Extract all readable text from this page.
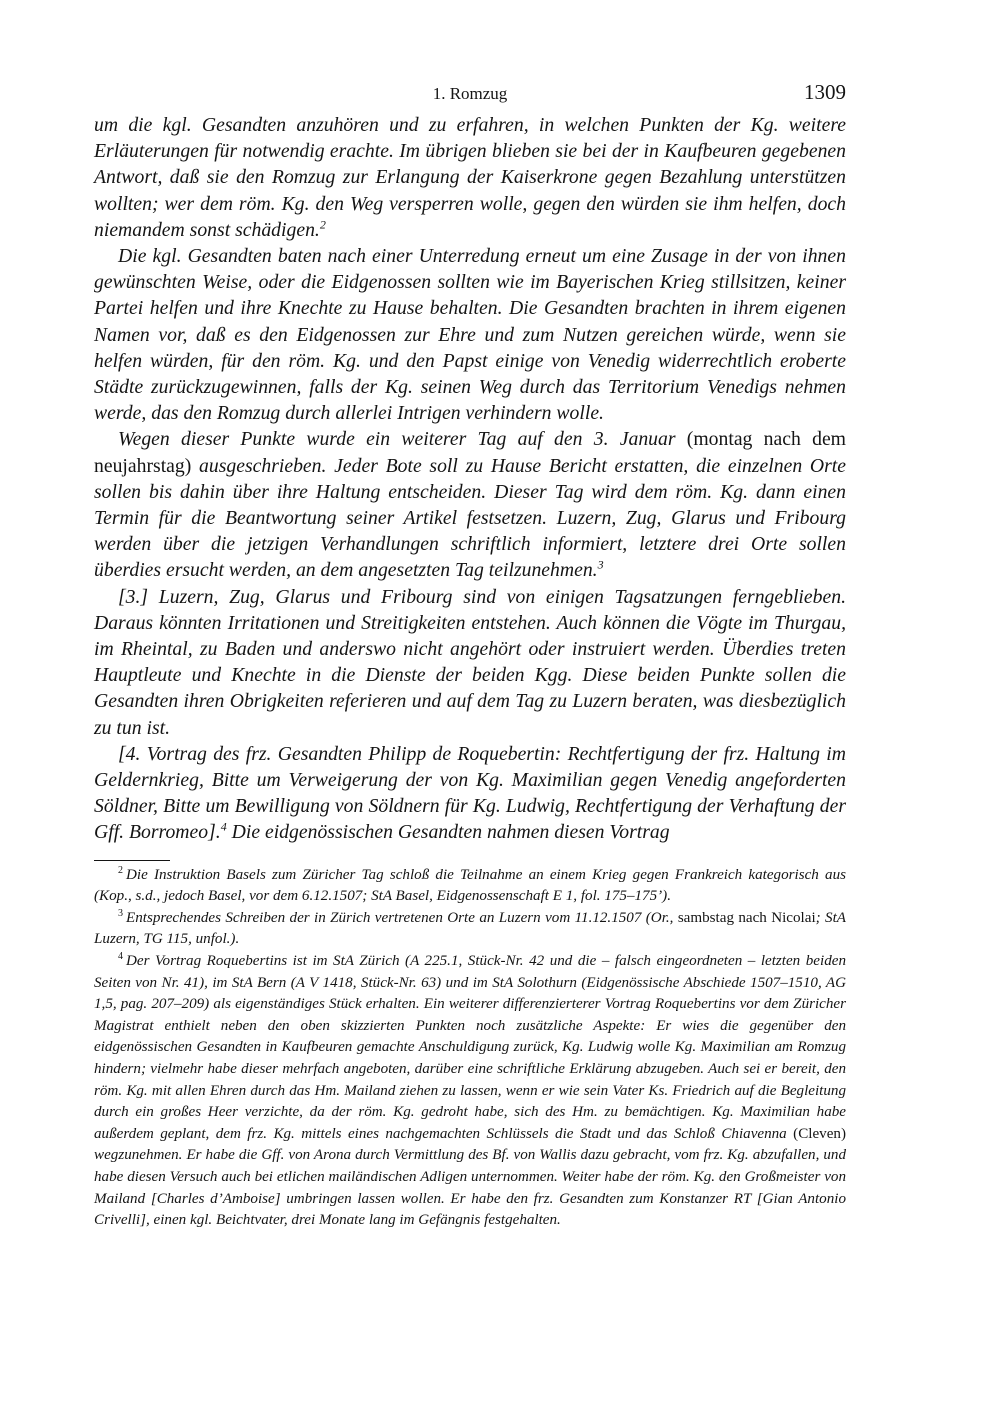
1. Romzug	1309

um die kgl. Gesandten anzuhören und zu erfahren, in welchen Punkten der Kg. weitere Erläuterungen für notwendig erachte. Im übrigen blieben sie bei der in Kaufbeuren gegebenen Antwort, daß sie den Romzug zur Erlangung der Kaiserkrone gegen Bezahlung unterstützen wollten; wer dem röm. Kg. den Weg versperren wolle, gegen den würden sie ihm helfen, doch niemandem sonst schädigen.$^2$

Die kgl. Gesandten baten nach einer Unterredung erneut um eine Zusage in der von ihnen gewünschten Weise, oder die Eidgenossen sollten wie im Bayerischen Krieg stillsitzen, keiner Partei helfen und ihre Knechte zu Hause behalten. Die Gesandten brachten in ihrem eigenen Namen vor, daß es den Eidgenossen zur Ehre und zum Nutzen gereichen würde, wenn sie helfen würden, für den röm. Kg. und den Papst einige von Venedig widerrechtlich eroberte Städte zurückzugewinnen, falls der Kg. seinen Weg durch das Territorium Venedigs nehmen werde, das den Romzug durch allerlei Intrigen verhindern wolle.

Wegen dieser Punkte wurde ein weiterer Tag auf den 3. Januar (montag nach dem neujahrstag) ausgeschrieben. Jeder Bote soll zu Hause Bericht erstatten, die einzelnen Orte sollen bis dahin über ihre Haltung entscheiden. Dieser Tag wird dem röm. Kg. dann einen Termin für die Beantwortung seiner Artikel festsetzen. Luzern, Zug, Glarus und Fribourg werden über die jetzigen Verhandlungen schriftlich informiert, letztere drei Orte sollen überdies ersucht werden, an dem angesetzten Tag teilzunehmen.$^3$

[3.] Luzern, Zug, Glarus und Fribourg sind von einigen Tagsatzungen ferngeblieben. Daraus könnten Irritationen und Streitigkeiten entstehen. Auch können die Vögte im Thurgau, im Rheintal, zu Baden und anderswo nicht angehört oder instruiert werden. Überdies treten Hauptleute und Knechte in die Dienste der beiden Kgg. Diese beiden Punkte sollen die Gesandten ihren Obrigkeiten referieren und auf dem Tag zu Luzern beraten, was diesbezüglich zu tun ist.

[4. Vortrag des frz. Gesandten Philipp de Roquebertin: Rechtfertigung der frz. Haltung im Geldernkrieg, Bitte um Verweigerung der von Kg. Maximilian gegen Venedig angeforderten Söldner, Bitte um Bewilligung von Söldnern für Kg. Ludwig, Rechtfertigung der Verhaftung der Gff. Borromeo].$^4$ Die eidgenössischen Gesandten nahmen diesen Vortrag

$^2$ Die Instruktion Basels zum Züricher Tag schloß die Teilnahme an einem Krieg gegen Frankreich kategorisch aus (Kop., s.d., jedoch Basel, vor dem 6.12.1507; StA Basel, Eidgenossenschaft E 1, fol. 175–175’).

$^3$ Entsprechendes Schreiben der in Zürich vertretenen Orte an Luzern vom 11.12.1507 (Or., sambstag nach Nicolai; StA Luzern, TG 115, unfol.).

$^4$ Der Vortrag Roquebertins ist im StA Zürich (A 225.1, Stück-Nr. 42 und die – falsch eingeordneten – letzten beiden Seiten von Nr. 41), im StA Bern (A V 1418, Stück-Nr. 63) und im StA Solothurn (Eidgenössische Abschiede 1507–1510, AG 1,5, pag. 207–209) als eigenständiges Stück erhalten. Ein weiterer differenzierterer Vortrag Roquebertins vor dem Züricher Magistrat enthielt neben den oben skizzierten Punkten noch zusätzliche Aspekte: Er wies die gegenüber den eidgenössischen Gesandten in Kaufbeuren gemachte Anschuldigung zurück, Kg. Ludwig wolle Kg. Maximilian am Romzug hindern; vielmehr habe dieser mehrfach angeboten, darüber eine schriftliche Erklärung abzugeben. Auch sei er bereit, den röm. Kg. mit allen Ehren durch das Hm. Mailand ziehen zu lassen, wenn er wie sein Vater Ks. Friedrich auf die Begleitung durch ein großes Heer verzichte, da der röm. Kg. gedroht habe, sich des Hm. zu bemächtigen. Kg. Maximilian habe außerdem geplant, dem frz. Kg. mittels eines nachgemachten Schlüssels die Stadt und das Schloß Chiavenna (Cleven) wegzunehmen. Er habe die Gff. von Arona durch Vermittlung des Bf. von Wallis dazu gebracht, vom frz. Kg. abzufallen, und habe diesen Versuch auch bei etlichen mailändischen Adligen unternommen. Weiter habe der röm. Kg. den Großmeister von Mailand [Charles d’Amboise] umbringen lassen wollen. Er habe den frz. Gesandten zum Konstanzer RT [Gian Antonio Crivelli], einen kgl. Beichtvater, drei Monate lang im Gefängnis festgehalten.
